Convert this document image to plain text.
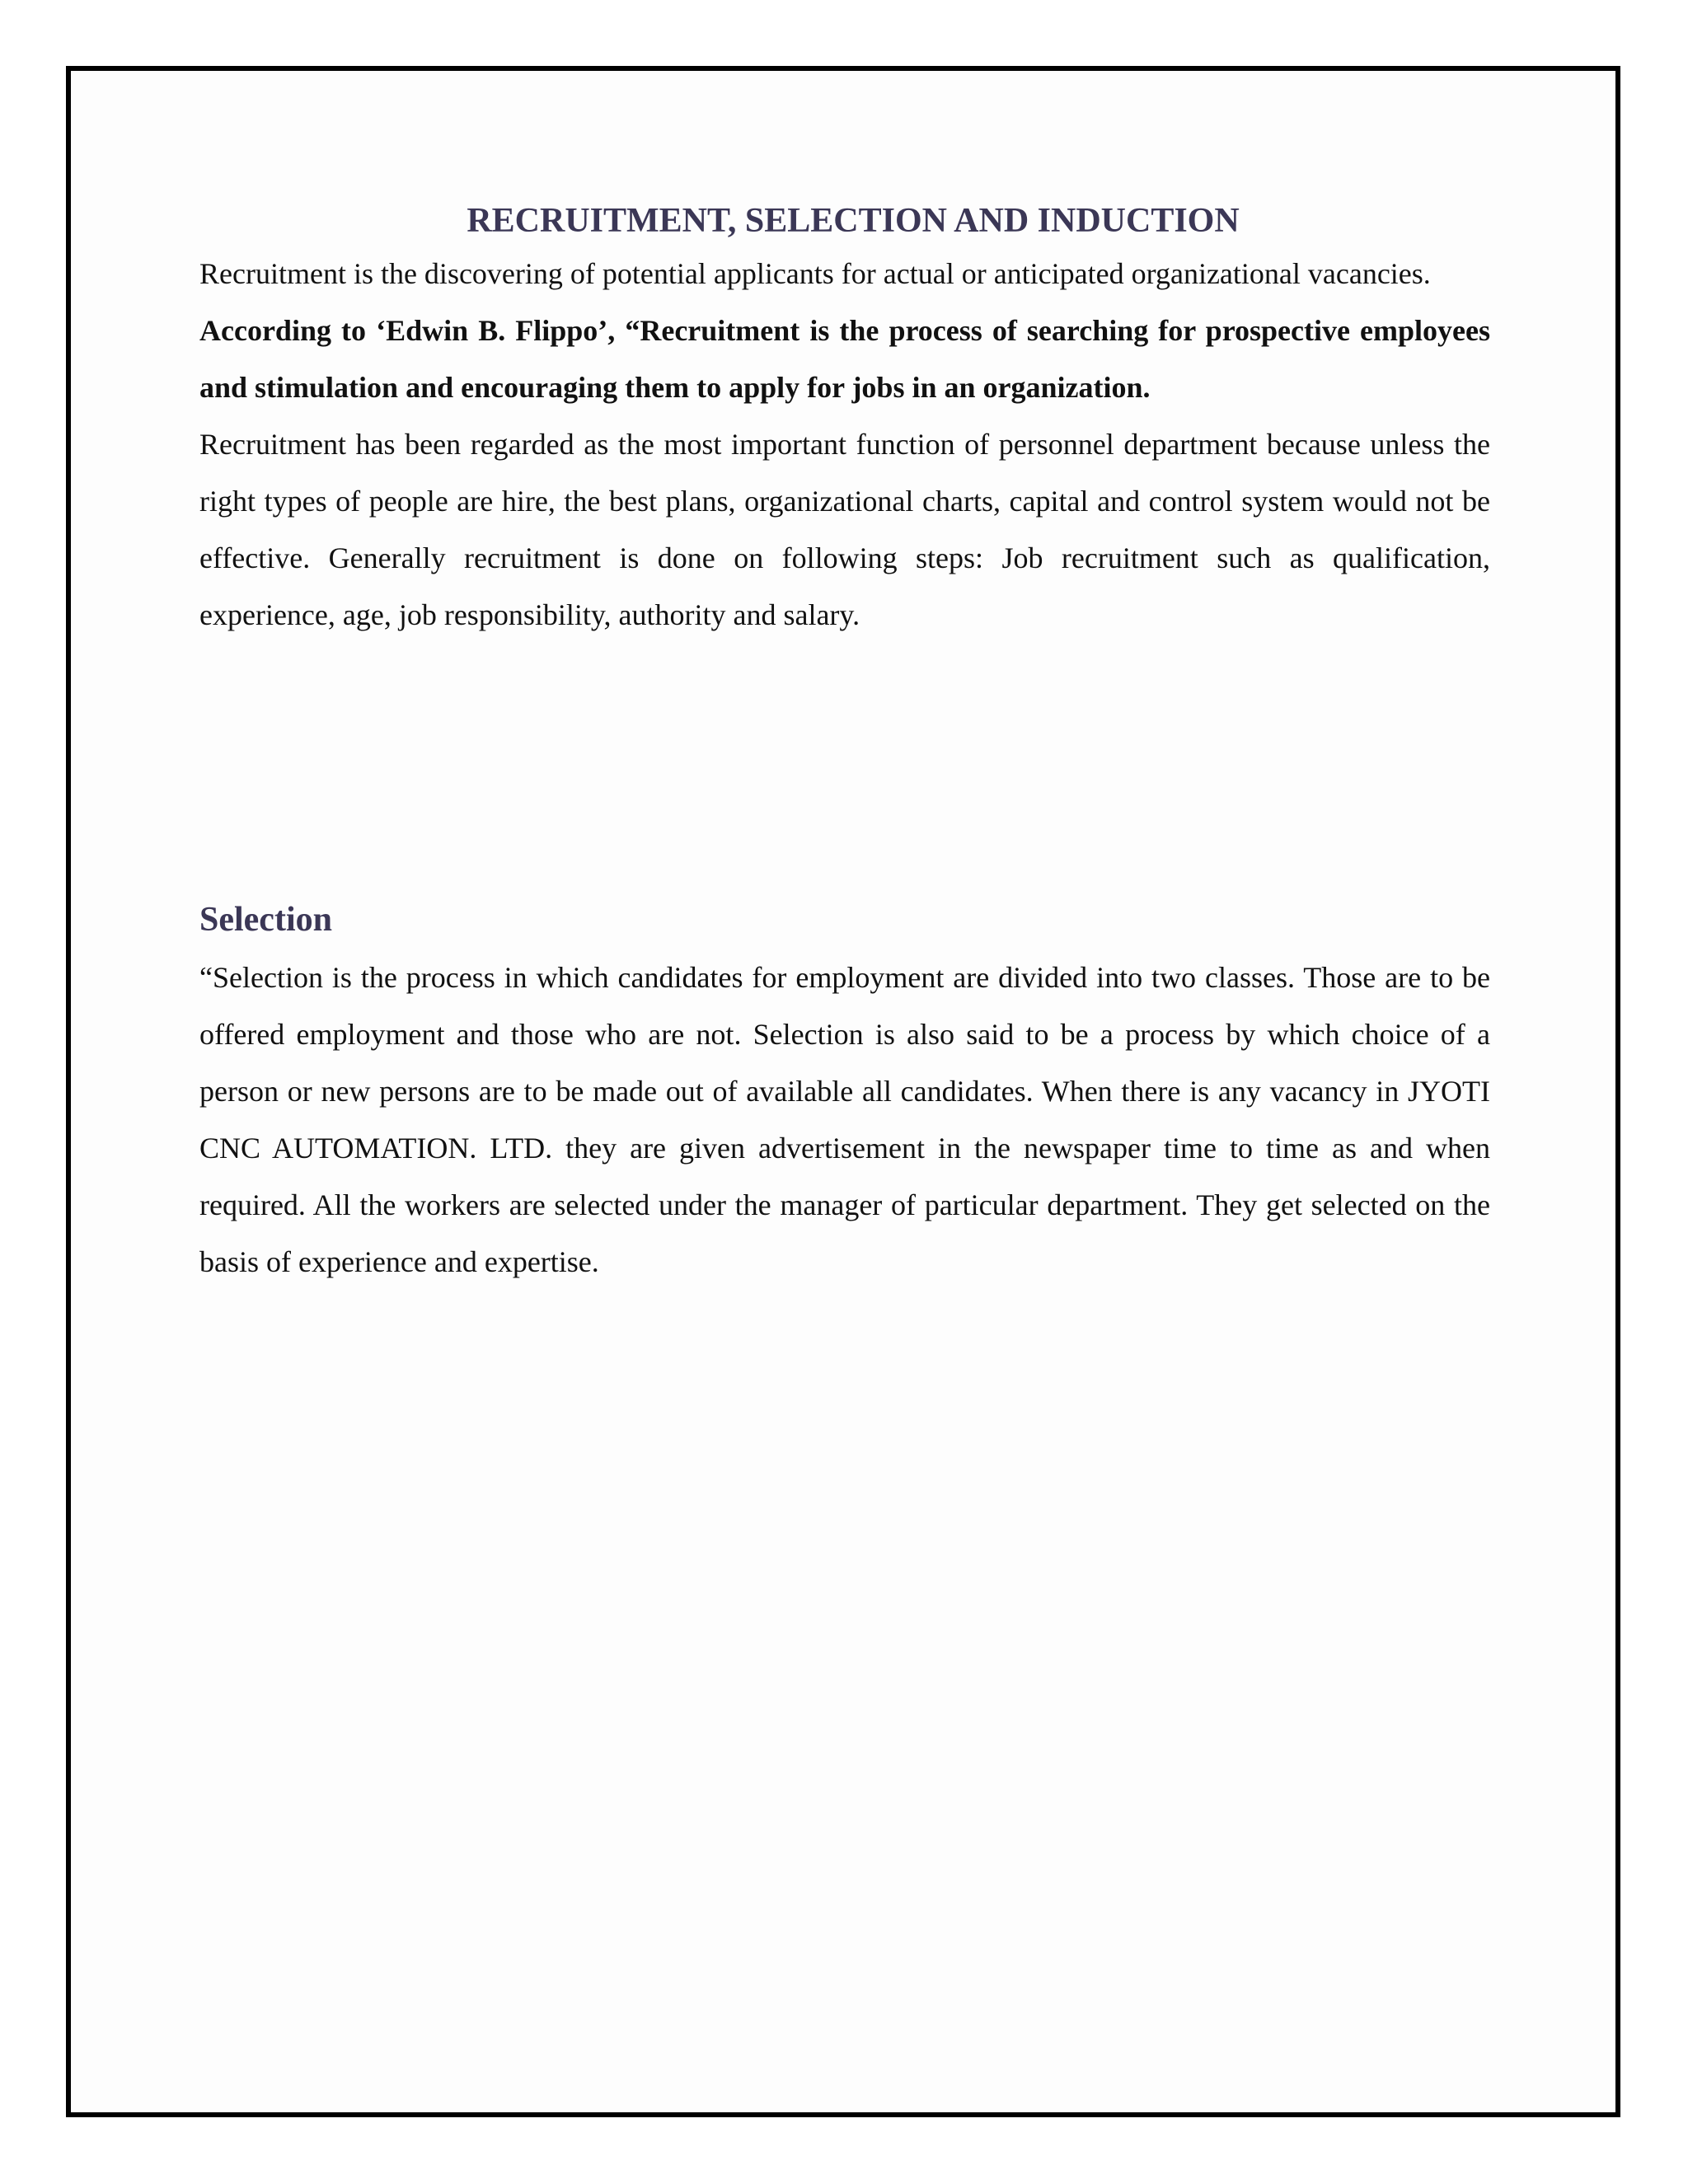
RECRUITMENT, SELECTION AND INDUCTION

Recruitment is the discovering of potential applicants for actual or anticipated organizational vacancies.

According to ‘Edwin B. Flippo’, “Recruitment is the process of searching for prospective employees and stimulation and encouraging them to apply for jobs in an organization.

Recruitment has been regarded as the most important function of personnel department because unless the right types of people are hire, the best plans, organizational charts, capital and control system would not be effective. Generally recruitment is done on following steps: Job recruitment such as qualification, experience, age, job responsibility, authority and salary.

Selection

“Selection is the process in which candidates for employment are divided into two classes. Those are to be offered employment and those who are not. Selection is also said to be a process by which choice of a person or new persons are to be made out of available all candidates. When there is any vacancy in JYOTI CNC AUTOMATION. LTD. they are given advertisement in the newspaper time to time as and when required. All the workers are selected under the manager of particular department. They get selected on the basis of experience and expertise.
